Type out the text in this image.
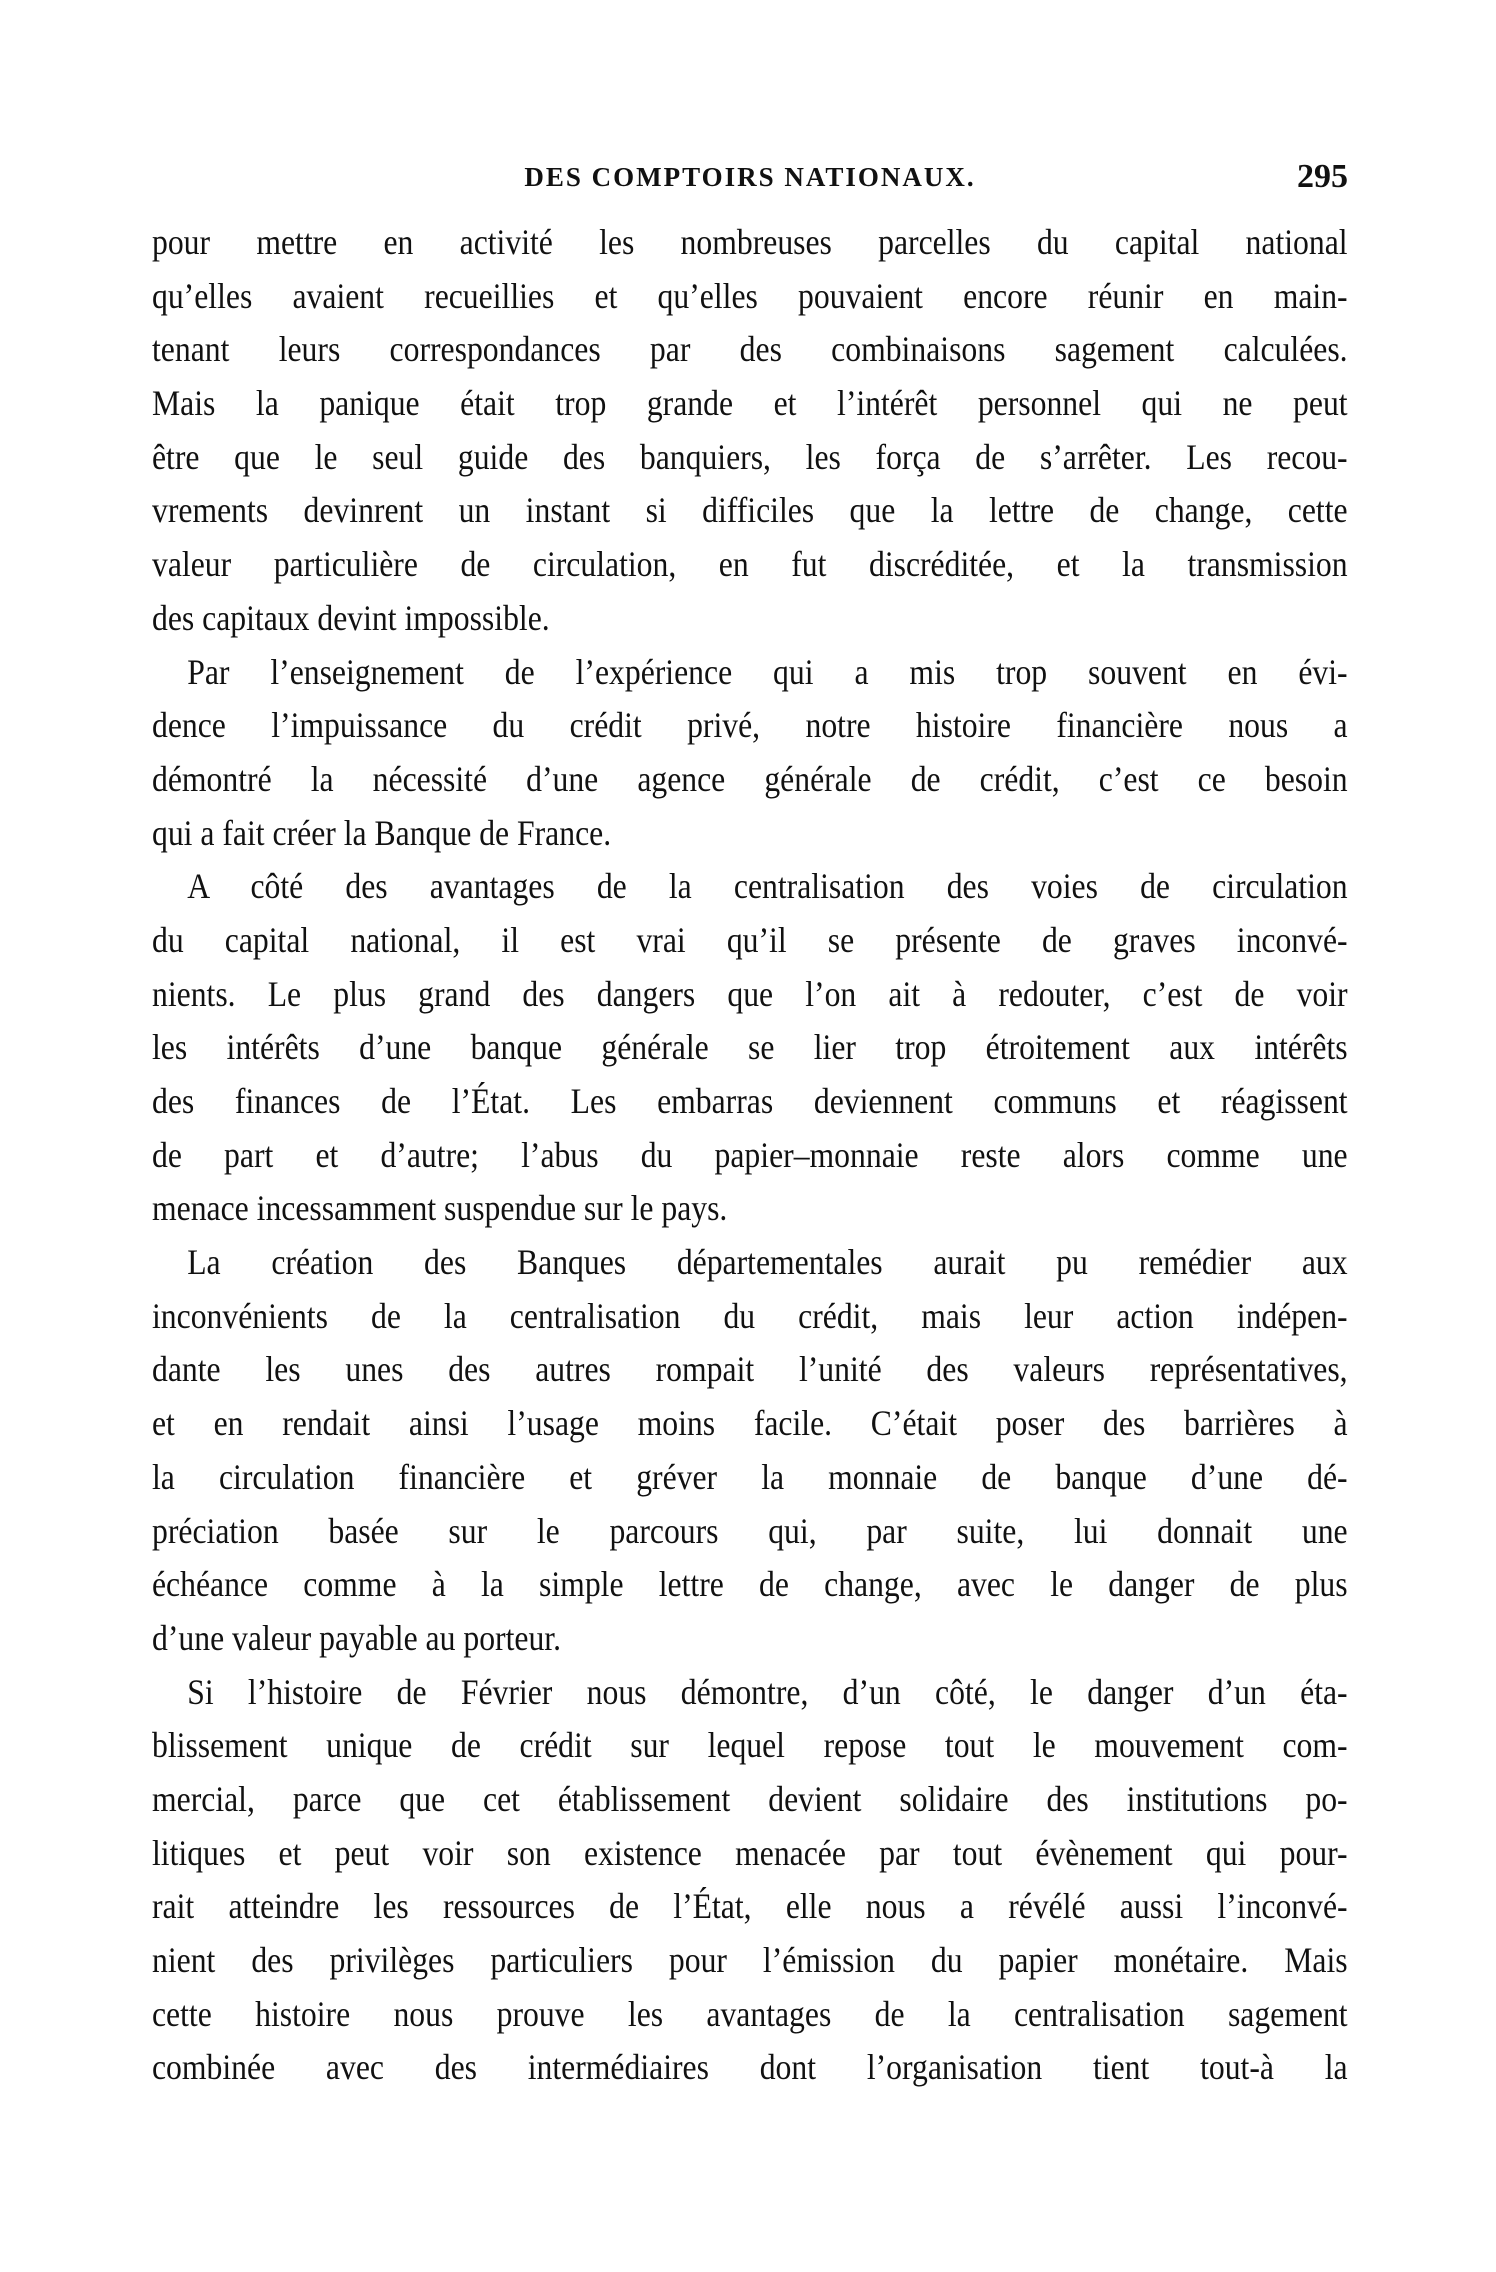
DES COMPTOIRS NATIONAUX.	295
pour mettre en activité les nombreuses parcelles du capital national
qu’elles avaient recueillies et qu’elles pouvaient encore réunir en main-
tenant leurs correspondances par des combinaisons sagement calculées.
Mais la panique était trop grande et l’intérêt personnel qui ne peut
être que le seul guide des banquiers, les força de s’arrêter. Les recou-
vrements devinrent un instant si difficiles que la lettre de change, cette
valeur particulière de circulation, en fut discréditée, et la transmission
des capitaux devint impossible.
Par l’enseignement de l’expérience qui a mis trop souvent en évi-
dence l’impuissance du crédit privé, notre histoire financière nous a
démontré la nécessité d’une agence générale de crédit, c’est ce besoin
qui a fait créer la Banque de France.
A côté des avantages de la centralisation des voies de circulation
du capital national, il est vrai qu’il se présente de graves inconvé-
nients. Le plus grand des dangers que l’on ait à redouter, c’est de voir
les intérêts d’une banque générale se lier trop étroitement aux intérêts
des finances de l’État. Les embarras deviennent communs et réagissent
de part et d’autre; l’abus du papier–monnaie reste alors comme une
menace incessamment suspendue sur le pays.
La création des Banques départementales aurait pu remédier aux
inconvénients de la centralisation du crédit, mais leur action indépen-
dante les unes des autres rompait l’unité des valeurs représentatives,
et en rendait ainsi l’usage moins facile. C’était poser des barrières à
la circulation financière et gréver la monnaie de banque d’une dé-
préciation basée sur le parcours qui, par suite, lui donnait une
échéance comme à la simple lettre de change, avec le danger de plus
d’une valeur payable au porteur.
Si l’histoire de Février nous démontre, d’un côté, le danger d’un éta-
blissement unique de crédit sur lequel repose tout le mouvement com-
mercial, parce que cet établissement devient solidaire des institutions po-
litiques et peut voir son existence menacée par tout évènement qui pour-
rait atteindre les ressources de l’État, elle nous a révélé aussi l’inconvé-
nient des privilèges particuliers pour l’émission du papier monétaire. Mais
cette histoire nous prouve les avantages de la centralisation sagement
combinée avec des intermédiaires dont l’organisation tient tout-à la
